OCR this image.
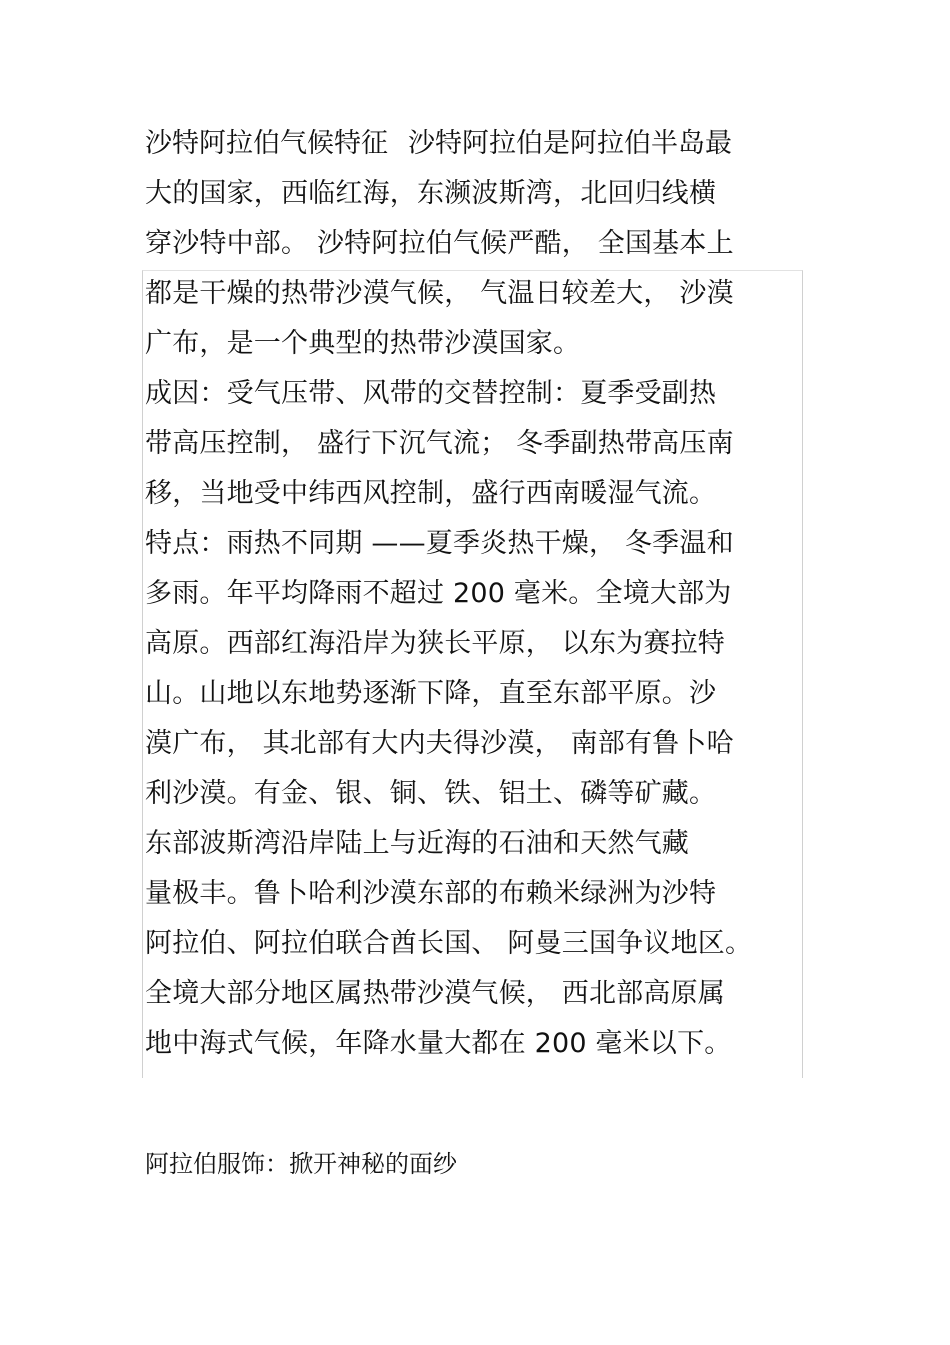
沙特阿拉伯气候特征 沙特阿拉伯是阿拉伯半岛最
大的国家，西临红海，东濒波斯湾，北回归线横
穿沙特中部。 沙特阿拉伯气候严酷， 全国基本上
都是干燥的热带沙漠气候， 气温日较差大， 沙漠
广布，是一个典型的热带沙漠国家。
成因：受气压带、风带的交替控制：夏季受副热
带高压控制， 盛行下沉气流； 冬季副热带高压南
移，当地受中纬西风控制，盛行西南暖湿气流。
特点：雨热不同期 ——夏季炎热干燥， 冬季温和
多雨。年平均降雨不超过 200 毫米。全境大部为
高原。西部红海沿岸为狭长平原， 以东为赛拉特
山。山地以东地势逐渐下降，直至东部平原。沙
漠广布， 其北部有大内夫得沙漠， 南部有鲁卜哈
利沙漠。有金、银、铜、铁、铝土、磷等矿藏。
东部波斯湾沿岸陆上与近海的石油和天然气藏
量极丰。鲁卜哈利沙漠东部的布赖米绿洲为沙特
阿拉伯、阿拉伯联合酋长国、 阿曼三国争议地区。
全境大部分地区属热带沙漠气候， 西北部高原属
地中海式气候，年降水量大都在 200 毫米以下。
阿拉伯服饰：掀开神秘的面纱
